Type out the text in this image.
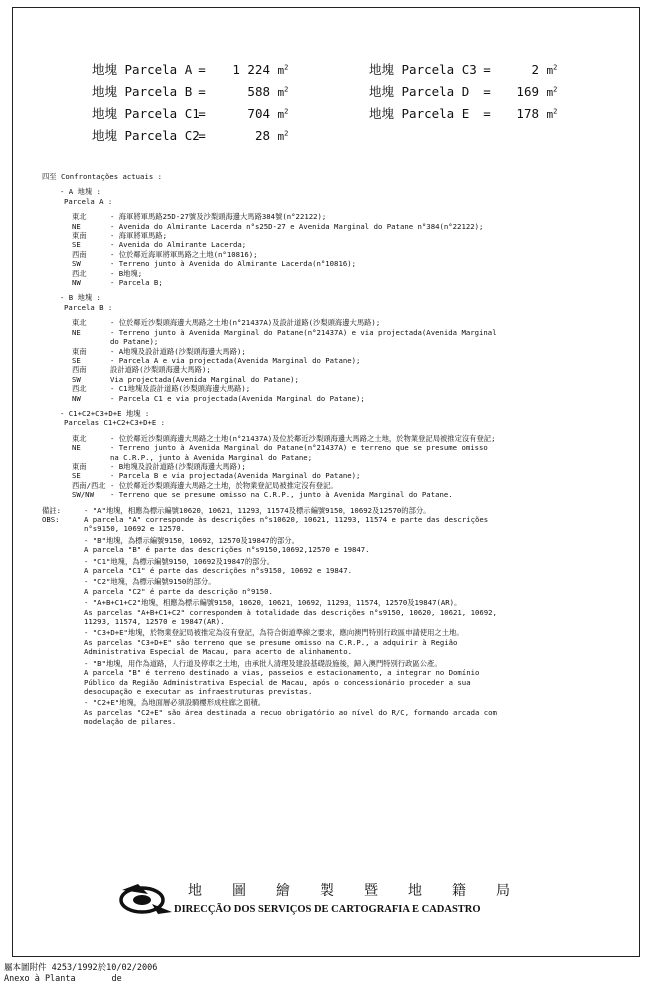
地塊 Parcela A = 1 224 $m^2$
地塊 Parcela B =	588 $m^2$
地塊 Parcela C1=	704 $m^2$
地塊 Parcela C2=	28 $m^2$
地塊 Parcela C3 =	2 $m^2$
地塊 Parcela D = 169 $m^2$
地塊 Parcela E = 178 $m^2$
四至 Confrontações actuais :
- A 地塊 :
Parcela A :
東北	- 海軍將軍馬路25D-27號及沙梨頭海邊大馬路384號(n°22122);
NE	- Avenida do Almirante Lacerda n°s25D-27 e Avenida Marginal do Patane n°384(n°22122);
東南	- 海軍將軍馬路;
SE	- Avenida do Almirante Lacerda;
西南	- 位於鄰近海軍將軍馬路之土地(n°10816);
SW	- Terreno junto à Avenida do Almirante Lacerda(n°10816);
西北	- B地塊;
NW	- Parcela B;
- B 地塊 :
Parcela B :
東北	- 位於鄰近沙梨頭海邊大馬路之土地(n°21437A)及設計道路(沙梨頭海邊大馬路);
NE	- Terreno junto à Avenida Marginal do Patane(n°21437A) e via projectada(Avenida Marginal
do Patane);
東南	- A地塊及設計道路(沙梨頭海邊大馬路);
SE	- Parcela A e via projectada(Avenida Marginal do Patane);
西南	設計道路(沙梨頭海邊大馬路);
SW	Via projectada(Avenida Marginal do Patane);
西北	- C1地塊及設計道路(沙梨頭海邊大馬路);
NW	- Parcela C1 e via projectada(Avenida Marginal do Patane);
- C1+C2+C3+D+E 地塊 :
Parcelas C1+C2+C3+D+E :
東北	- 位於鄰近沙梨頭海邊大馬路之土地(n°21437A)及位於鄰近沙梨頭海邊大馬路之土地，於物業登記局被推定沒有登記;
NE	- Terreno junto à Avenida Marginal do Patane(n°21437A) e terreno que se presume omisso
na C.R.P., junto à Avenida Marginal do Patane;
東南	- B地塊及設計道路(沙梨頭海邊大馬路);
SE	- Parcela B e via projectada(Avenida Marginal do Patane);
西南/西北 - 位於鄰近沙梨頭海邊大馬路之土地，於物業登記局被推定沒有登記。
SW/NW	- Terreno que se presume omisso na C.R.P., junto à Avenida Marginal do Patane.
備註:	- "A"地塊，相應為標示編號10620，10621，11293，11574及標示編號9150，10692及12570的部分。
OBS:	A parcela "A" corresponde às descrições n°s10620, 10621, 11293, 11574 e parte das descrições
n°s9150, 10692 e 12570.
- "B"地塊，為標示編號9150，10692，12570及19847的部分。
A parcela "B" é parte das descrições n°s9150,10692,12570 e 19847.
- "C1"地塊，為標示編號9150，10692及19847的部分。
A parcela "C1" é parte das descrições n°s9150, 10692 e 19847.
- "C2"地塊，為標示編號9150的部分。
A parcela "C2" é parte da descrição n°9150.
- "A+B+C1+C2"地塊，相應為標示編號9150，10620，10621，10692，11293，11574，12570及19847(AR)。
As parcelas "A+B+C1+C2" correspondem à totalidade das descrições n°s9150, 10620, 10621, 10692,
11293, 11574, 12570 e 19847(AR).
- "C3+D+E"地塊，於物業登記局被推定為沒有登記，為符合街道準線之要求，應向澳門特別行政區申請使用之土地。
As parcelas "C3+D+E" são terreno que se presume omisso na C.R.P., a adquirir à Região
Administrativa Especial de Macau, para acerto de alinhamento.
- "B"地塊，用作為道路，人行道及停車之土地，由承批人清理及建設基礎設施後，歸入澳門特別行政區公產。
A parcela "B" é terreno destinado a vias, passeios e estacionamento, a integrar no Domínio
Público da Região Administrativa Especial de Macau, após o concessionário proceder a sua
desocupação e executar as infraestruturas previstas.
- "C2+E"地塊，為地面層必須設騎樓形成柱廊之面積。
As parcelas "C2+E" são área destinada a recuo obrigatório ao nível do R/C, formando arcada com
modelação de pilares.
地圖繪製暨地籍局
DIRECÇÃO DOS SERVIÇOS DE CARTOGRAFIA E CADASTRO
屬本圖附件 4253/1992於10/02/2006
Anexo à Planta       de
